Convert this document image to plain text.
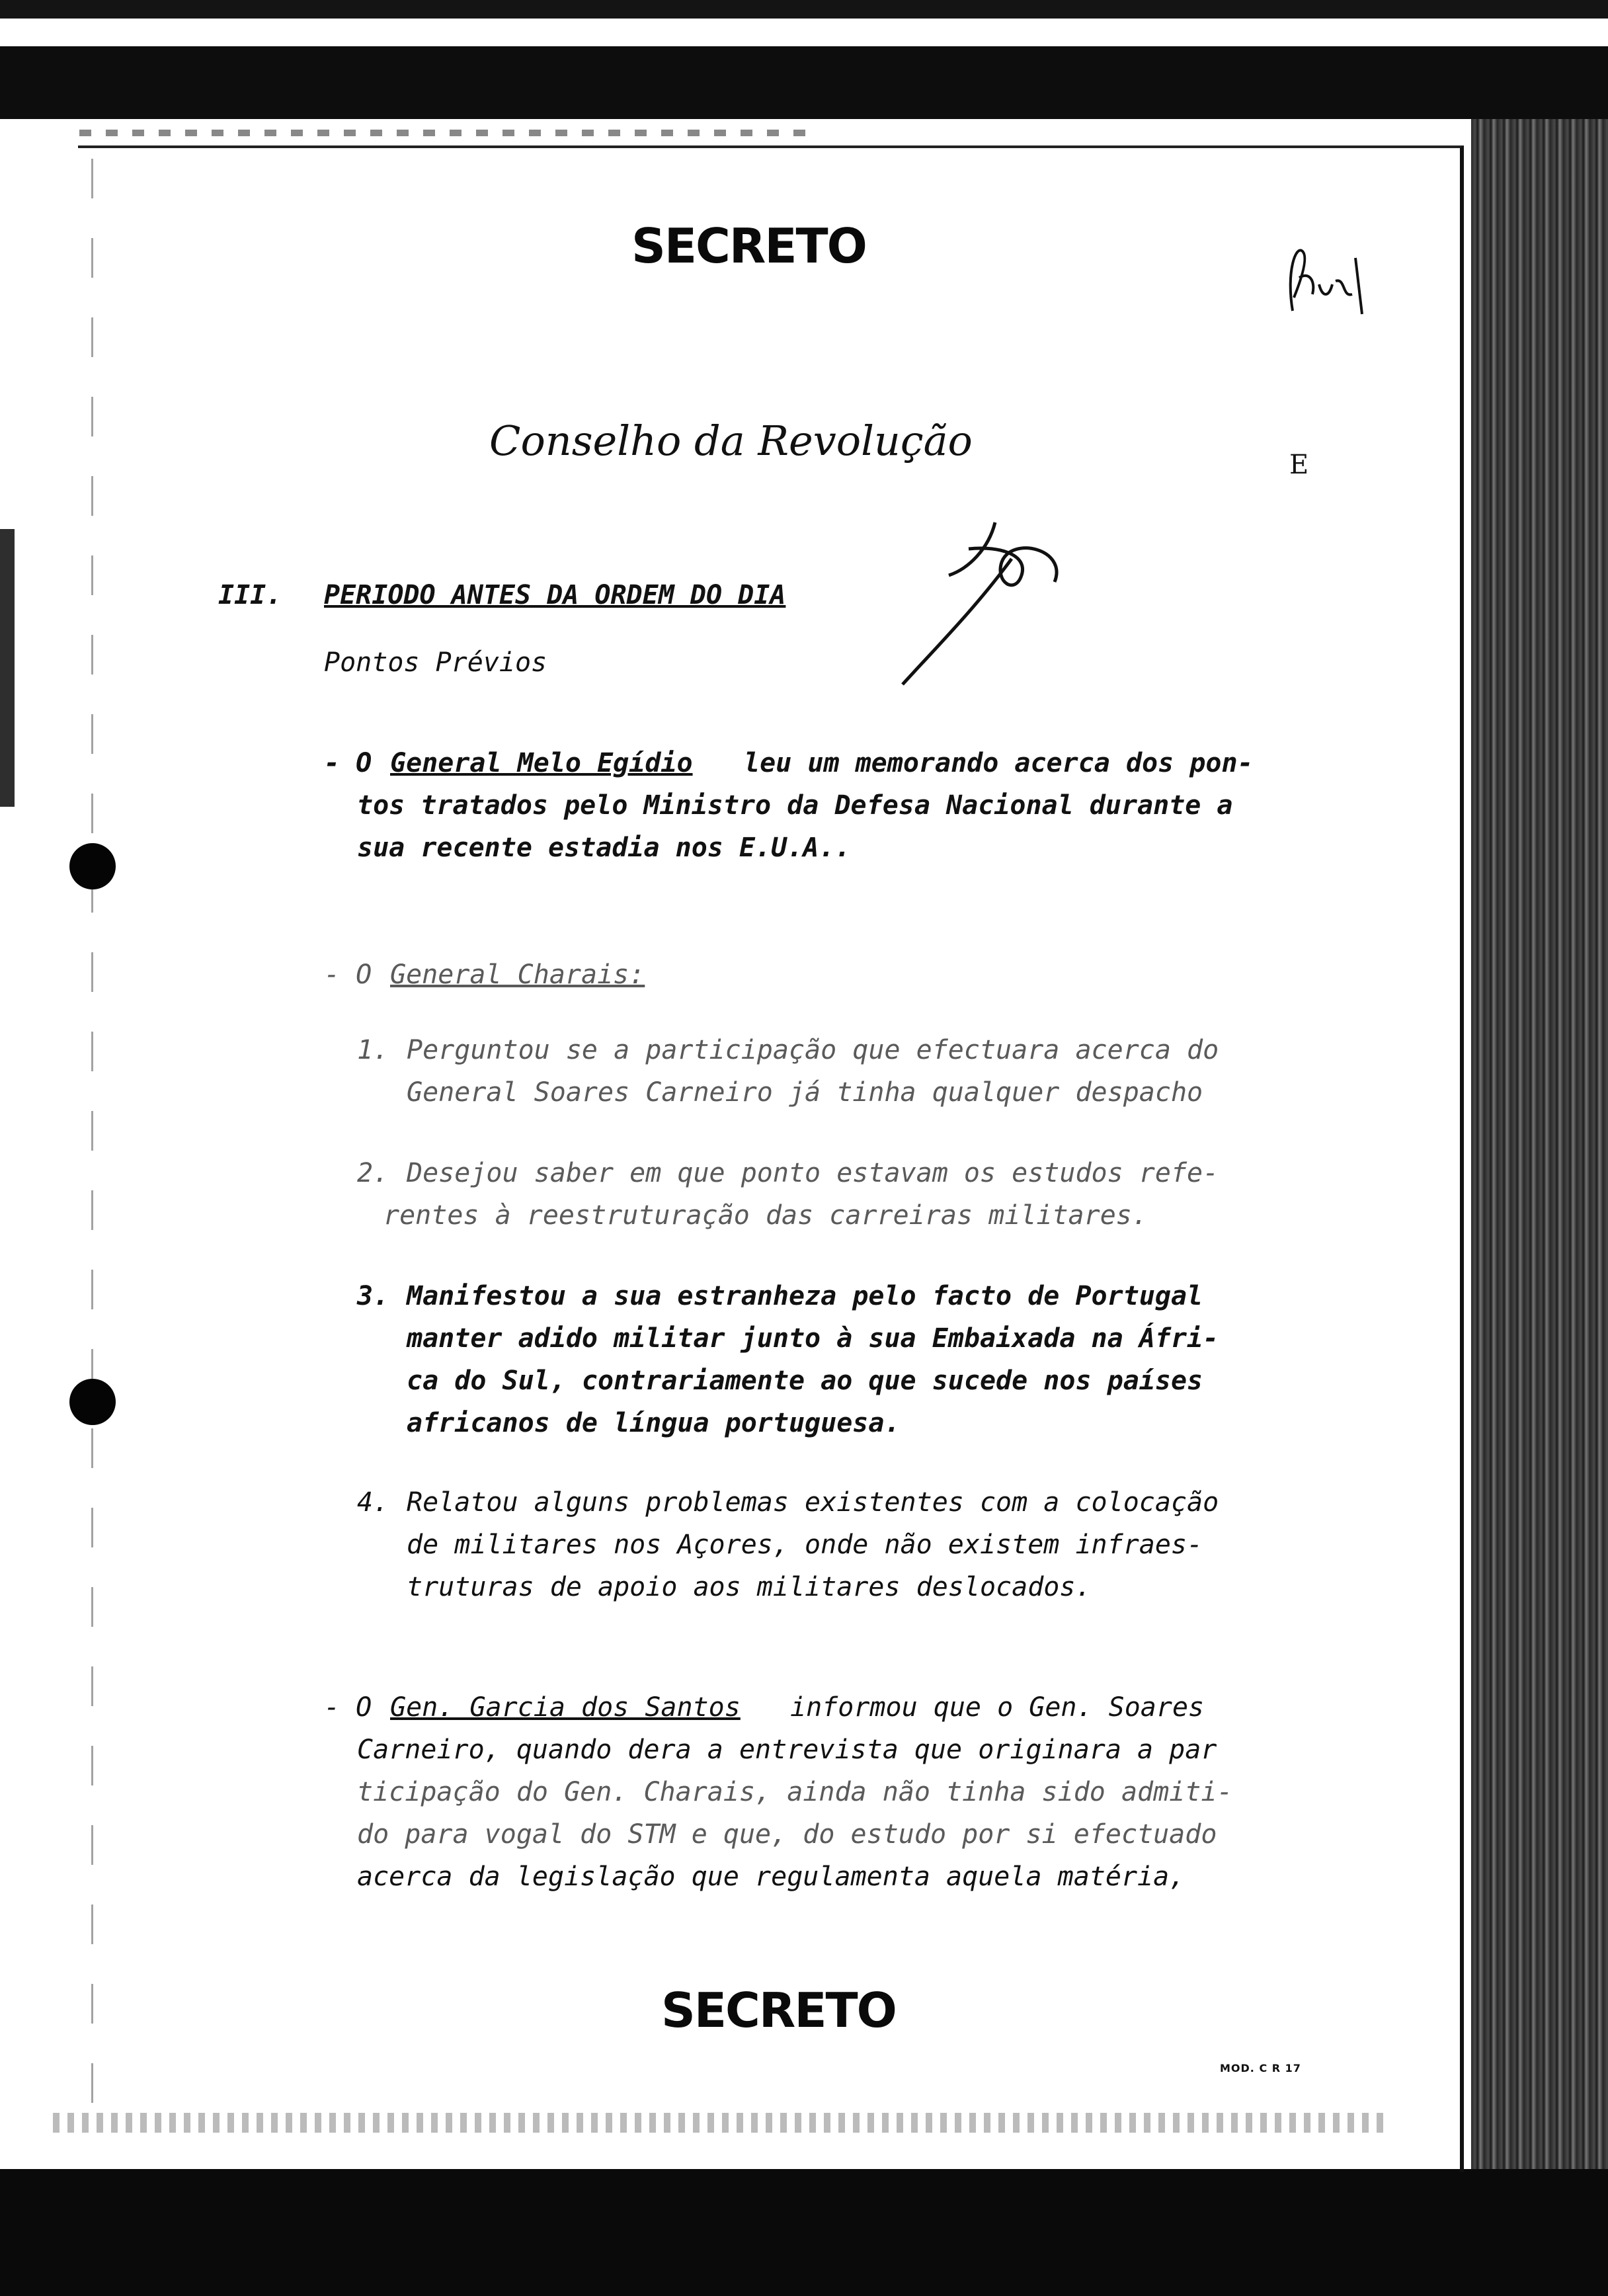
SECRETO
Conselho da Revolução	E
III. PERIODO ANTES DA ORDEM DO DIA
Pontos Prévios
- O General Melo Egídio leu um memorando acerca dos pon-
tos tratados pelo Ministro da Defesa Nacional durante a
sua recente estadia nos E.U.A..
- O General Charais:
1. Perguntou se a participação que efectuara acerca do
General Soares Carneiro já tinha qualquer despacho
2. Desejou saber em que ponto estavam os estudos refe-
rentes à reestruturação das carreiras militares.
3. Manifestou a sua estranheza pelo facto de Portugal
manter adido militar junto à sua Embaixada na Áfri-
ca do Sul, contrariamente ao que sucede nos países
africanos de língua portuguesa.
4. Relatou alguns problemas existentes com a colocação
de militares nos Açores, onde não existem infraes-
truturas de apoio aos militares deslocados.
- O Gen. Garcia dos Santos informou que o Gen. Soares
Carneiro, quando dera a entrevista que originara a par
ticipação do Gen. Charais, ainda não tinha sido admiti-
do para vogal do STM e que, do estudo por si efectuado
acerca da legislação que regulamenta aquela matéria,
SECRETO
MOD. C R 17
